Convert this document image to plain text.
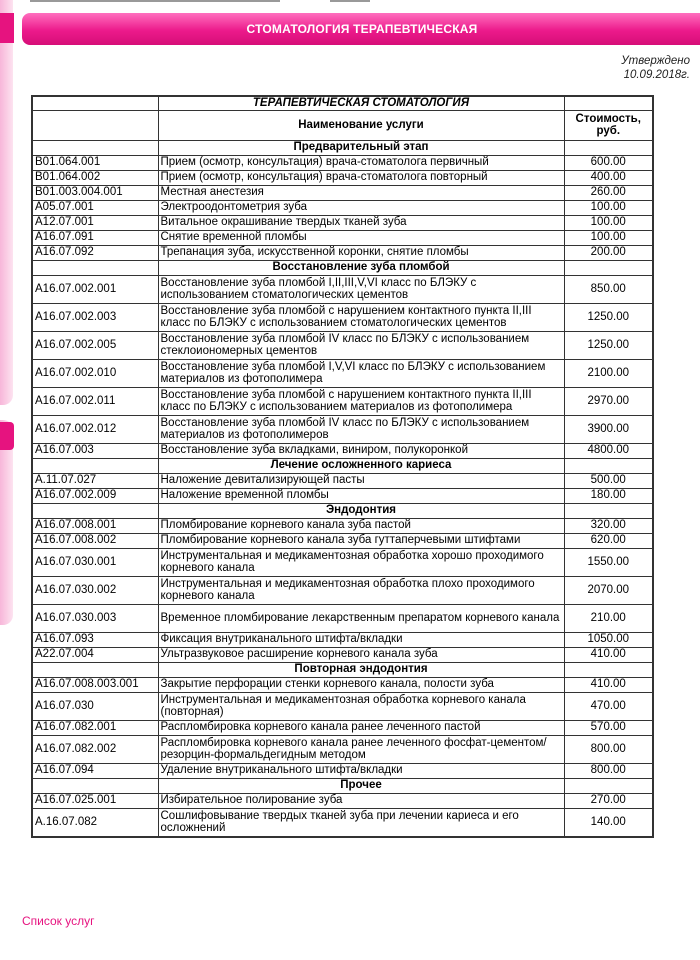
СТОМАТОЛОГИЯ ТЕРАПЕВТИЧЕСКАЯ
Утверждено
10.09.2018г.
	ТЕРАПЕВТИЧЕСКАЯ СТОМАТОЛОГИЯ	
	Наименование услуги	Стоимость, руб.
	Предварительный этап	
B01.064.001	Прием (осмотр, консультация) врача-стоматолога первичный	600.00
B01.064.002	Прием (осмотр, консультация) врача-стоматолога повторный	400.00
B01.003.004.001	Местная анестезия	260.00
A05.07.001	Электроодонтометрия зуба	100.00
A12.07.001	Витальное окрашивание твердых тканей зуба	100.00
A16.07.091	Снятие временной пломбы	100.00
A16.07.092	Трепанация зуба, искусственной коронки, снятие пломбы	200.00
	Восстановление зуба пломбой	
A16.07.002.001	Восстановление зуба пломбой I,II,III,V,VI класс по БЛЭКУ с использованием стоматологических цементов	850.00
A16.07.002.003	Восстановление зуба пломбой с нарушением контактного пункта II,III класс по БЛЭКУ с использованием стоматологических цементов	1250.00
A16.07.002.005	Восстановление зуба пломбой IV класс по БЛЭКУ с использованием стеклоиономерных цементов	1250.00
A16.07.002.010	Восстановление зуба пломбой I,V,VI класс по БЛЭКУ с использованием материалов из фотополимера	2100.00
A16.07.002.011	Восстановление зуба пломбой с нарушением контактного пункта II,III класс по БЛЭКУ с использованием материалов из фотополимера	2970.00
A16.07.002.012	Восстановление зуба пломбой IV класс по БЛЭКУ с использованием материалов из фотополимеров	3900.00
A16.07.003	Восстановление зуба вкладками, виниром, полукоронкой	4800.00
	Лечение осложненного кариеса	
A.11.07.027	Наложение девитализирующей пасты	500.00
A16.07.002.009	Наложение временной пломбы	180.00
	Эндодонтия	
A16.07.008.001	Пломбирование корневого канала зуба пастой	320.00
A16.07.008.002	Пломбирование корневого канала зуба гуттаперчевыми штифтами	620.00
A16.07.030.001	Инструментальная и медикаментозная обработка хорошо проходимого корневого канала	1550.00
A16.07.030.002	Инструментальная и медикаментозная обработка плохо проходимого корневого канала	2070.00
A16.07.030.003	Временное пломбирование лекарственным препаратом корневого канала	210.00
A16.07.093	Фиксация внутриканального штифта/вкладки	1050.00
A22.07.004	Ультразвуковое расширение корневого канала зуба	410.00
	Повторная эндодонтия	
A16.07.008.003.001	Закрытие перфорации стенки корневого канала, полости зуба	410.00
A16.07.030	Инструментальная и медикаментозная обработка корневого канала (повторная)	470.00
A16.07.082.001	Распломбировка корневого канала ранее леченного пастой	570.00
A16.07.082.002	Распломбировка корневого канала ранее леченного фосфат-цементом/резорцин-формальдегидным методом	800.00
A16.07.094	Удаление внутриканального штифта/вкладки	800.00
	Прочее	
A16.07.025.001	Избирательное полирование зуба	270.00
A.16.07.082	Сошлифовывание твердых тканей зуба при лечении кариеса и его осложнений	140.00
Список услуг
